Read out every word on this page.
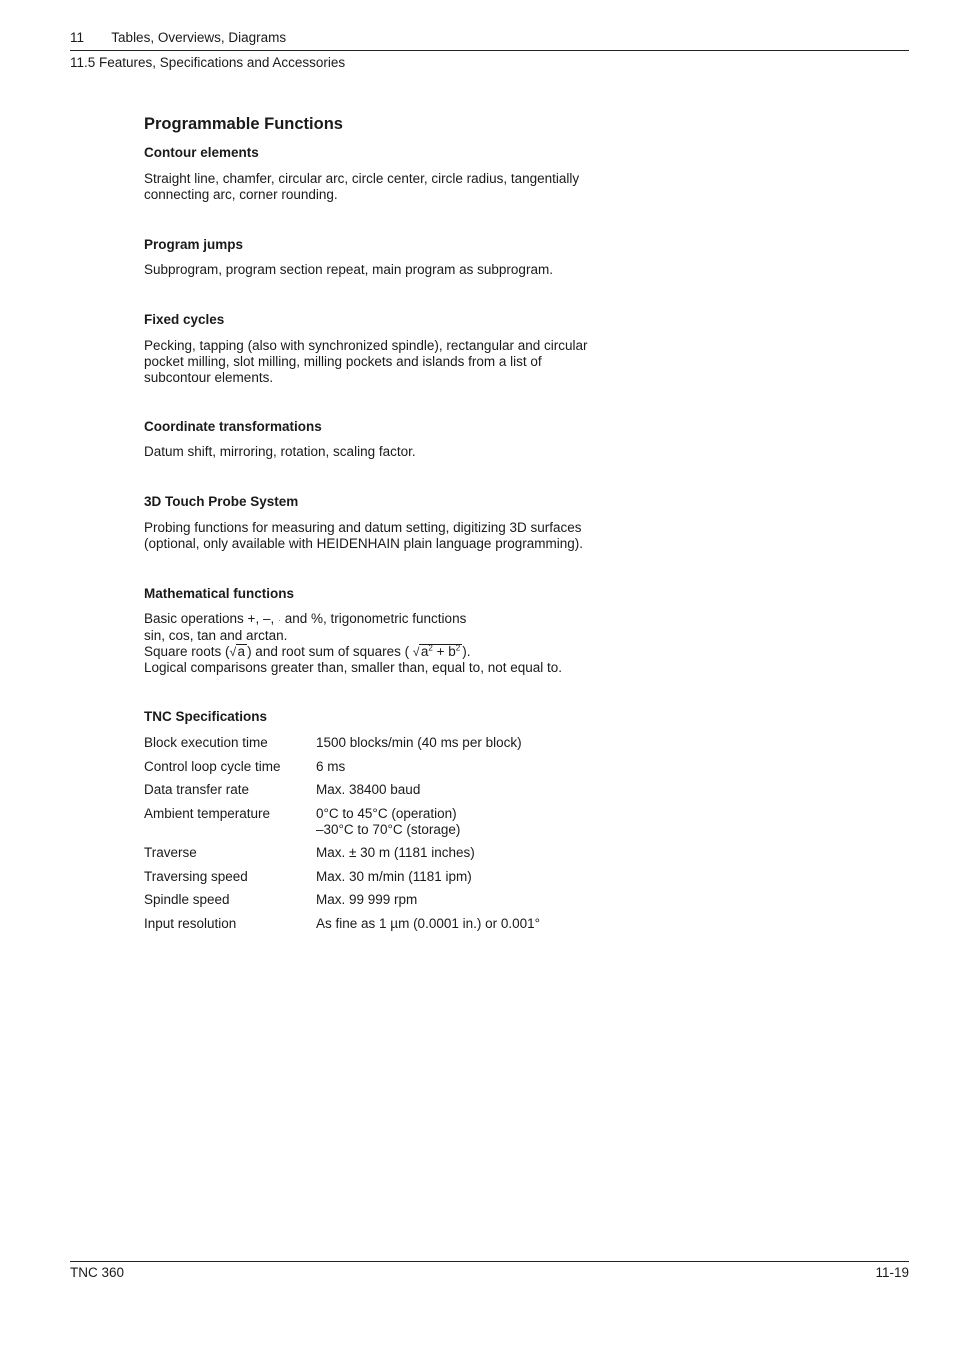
11 Tables, Overviews, Diagrams
11.5 Features, Specifications and Accessories
Programmable Functions
Contour elements

Straight line, chamfer, circular arc, circle center, circle radius, tangentially
connecting arc, corner rounding.

Program jumps

Subprogram, program section repeat, main program as subprogram.

Fixed cycles

Pecking, tapping (also with synchronized spindle), rectangular and circular
pocket milling, slot milling, milling pockets and islands from a list of
subcontour elements.

Coordinate transformations

Datum shift, mirroring, rotation, scaling factor.

3D Touch Probe System

Probing functions for measuring and datum setting, digitizing 3D surfaces
(optional, only available with HEIDENHAIN plain language programming).

Mathematical functions

Basic operations +, –, · and %, trigonometric functions
sin, cos, tan and arctan.
Square roots ( √ a ) and root sum of squares ( √ $a^2 + b^2$ ).
Logical comparisons greater than, smaller than, equal to, not equal to.

TNC Specifications
Block execution time	1500 blocks/min (40 ms per block)
Control loop cycle time	6 ms
Data transfer rate	Max. 38400 baud
Ambient temperature	0°C to 45°C (operation)
–30°C to 70°C (storage)
Traverse	Max. ± 30 m (1181 inches)
Traversing speed	Max. 30 m/min (1181 ipm)
Spindle speed	Max. 99 999 rpm
Input resolution	As fine as 1 µm (0.0001 in.) or 0.001°
TNC 360	11-19
